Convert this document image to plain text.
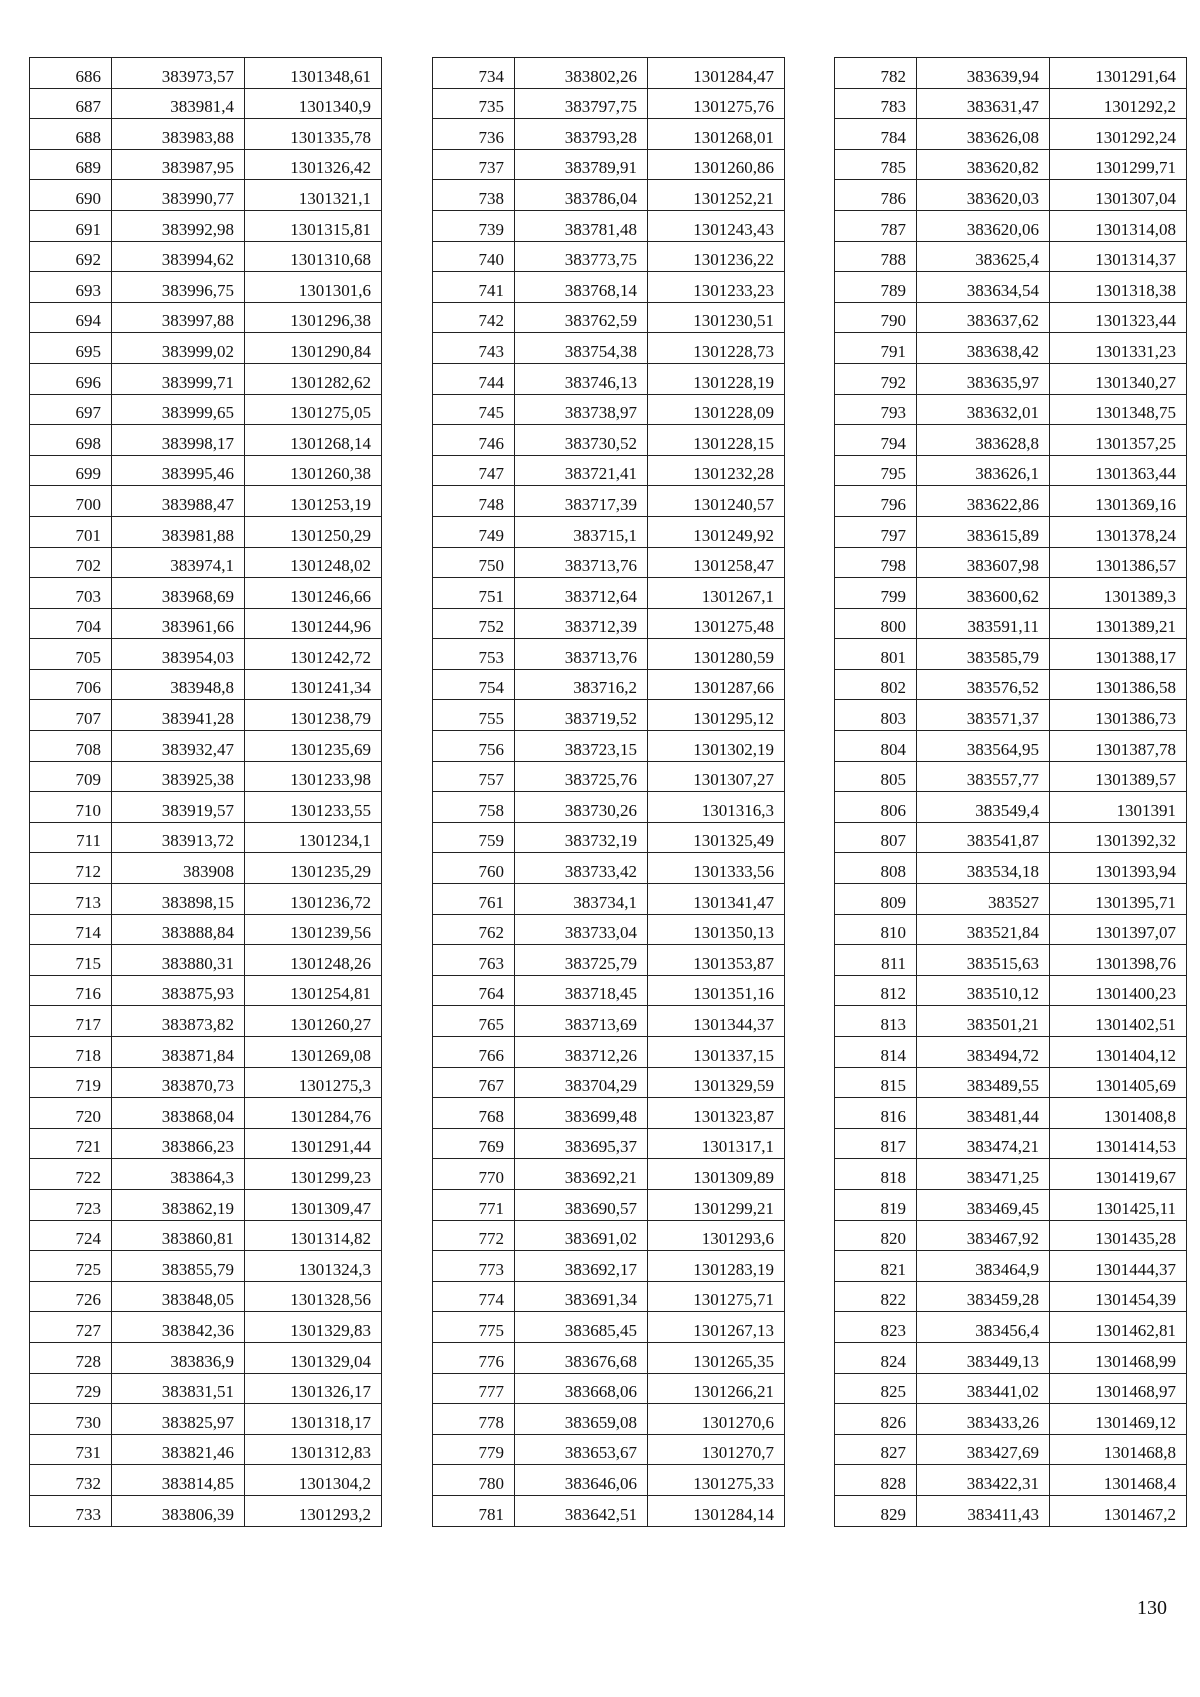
686	383973,57	1301348,61
687	383981,4	1301340,9
688	383983,88	1301335,78
689	383987,95	1301326,42
690	383990,77	1301321,1
691	383992,98	1301315,81
692	383994,62	1301310,68
693	383996,75	1301301,6
694	383997,88	1301296,38
695	383999,02	1301290,84
696	383999,71	1301282,62
697	383999,65	1301275,05
698	383998,17	1301268,14
699	383995,46	1301260,38
700	383988,47	1301253,19
701	383981,88	1301250,29
702	383974,1	1301248,02
703	383968,69	1301246,66
704	383961,66	1301244,96
705	383954,03	1301242,72
706	383948,8	1301241,34
707	383941,28	1301238,79
708	383932,47	1301235,69
709	383925,38	1301233,98
710	383919,57	1301233,55
711	383913,72	1301234,1
712	383908	1301235,29
713	383898,15	1301236,72
714	383888,84	1301239,56
715	383880,31	1301248,26
716	383875,93	1301254,81
717	383873,82	1301260,27
718	383871,84	1301269,08
719	383870,73	1301275,3
720	383868,04	1301284,76
721	383866,23	1301291,44
722	383864,3	1301299,23
723	383862,19	1301309,47
724	383860,81	1301314,82
725	383855,79	1301324,3
726	383848,05	1301328,56
727	383842,36	1301329,83
728	383836,9	1301329,04
729	383831,51	1301326,17
730	383825,97	1301318,17
731	383821,46	1301312,83
732	383814,85	1301304,2
733	383806,39	1301293,2
734	383802,26	1301284,47
735	383797,75	1301275,76
736	383793,28	1301268,01
737	383789,91	1301260,86
738	383786,04	1301252,21
739	383781,48	1301243,43
740	383773,75	1301236,22
741	383768,14	1301233,23
742	383762,59	1301230,51
743	383754,38	1301228,73
744	383746,13	1301228,19
745	383738,97	1301228,09
746	383730,52	1301228,15
747	383721,41	1301232,28
748	383717,39	1301240,57
749	383715,1	1301249,92
750	383713,76	1301258,47
751	383712,64	1301267,1
752	383712,39	1301275,48
753	383713,76	1301280,59
754	383716,2	1301287,66
755	383719,52	1301295,12
756	383723,15	1301302,19
757	383725,76	1301307,27
758	383730,26	1301316,3
759	383732,19	1301325,49
760	383733,42	1301333,56
761	383734,1	1301341,47
762	383733,04	1301350,13
763	383725,79	1301353,87
764	383718,45	1301351,16
765	383713,69	1301344,37
766	383712,26	1301337,15
767	383704,29	1301329,59
768	383699,48	1301323,87
769	383695,37	1301317,1
770	383692,21	1301309,89
771	383690,57	1301299,21
772	383691,02	1301293,6
773	383692,17	1301283,19
774	383691,34	1301275,71
775	383685,45	1301267,13
776	383676,68	1301265,35
777	383668,06	1301266,21
778	383659,08	1301270,6
779	383653,67	1301270,7
780	383646,06	1301275,33
781	383642,51	1301284,14
782	383639,94	1301291,64
783	383631,47	1301292,2
784	383626,08	1301292,24
785	383620,82	1301299,71
786	383620,03	1301307,04
787	383620,06	1301314,08
788	383625,4	1301314,37
789	383634,54	1301318,38
790	383637,62	1301323,44
791	383638,42	1301331,23
792	383635,97	1301340,27
793	383632,01	1301348,75
794	383628,8	1301357,25
795	383626,1	1301363,44
796	383622,86	1301369,16
797	383615,89	1301378,24
798	383607,98	1301386,57
799	383600,62	1301389,3
800	383591,11	1301389,21
801	383585,79	1301388,17
802	383576,52	1301386,58
803	383571,37	1301386,73
804	383564,95	1301387,78
805	383557,77	1301389,57
806	383549,4	1301391
807	383541,87	1301392,32
808	383534,18	1301393,94
809	383527	1301395,71
810	383521,84	1301397,07
811	383515,63	1301398,76
812	383510,12	1301400,23
813	383501,21	1301402,51
814	383494,72	1301404,12
815	383489,55	1301405,69
816	383481,44	1301408,8
817	383474,21	1301414,53
818	383471,25	1301419,67
819	383469,45	1301425,11
820	383467,92	1301435,28
821	383464,9	1301444,37
822	383459,28	1301454,39
823	383456,4	1301462,81
824	383449,13	1301468,99
825	383441,02	1301468,97
826	383433,26	1301469,12
827	383427,69	1301468,8
828	383422,31	1301468,4
829	383411,43	1301467,2
130
